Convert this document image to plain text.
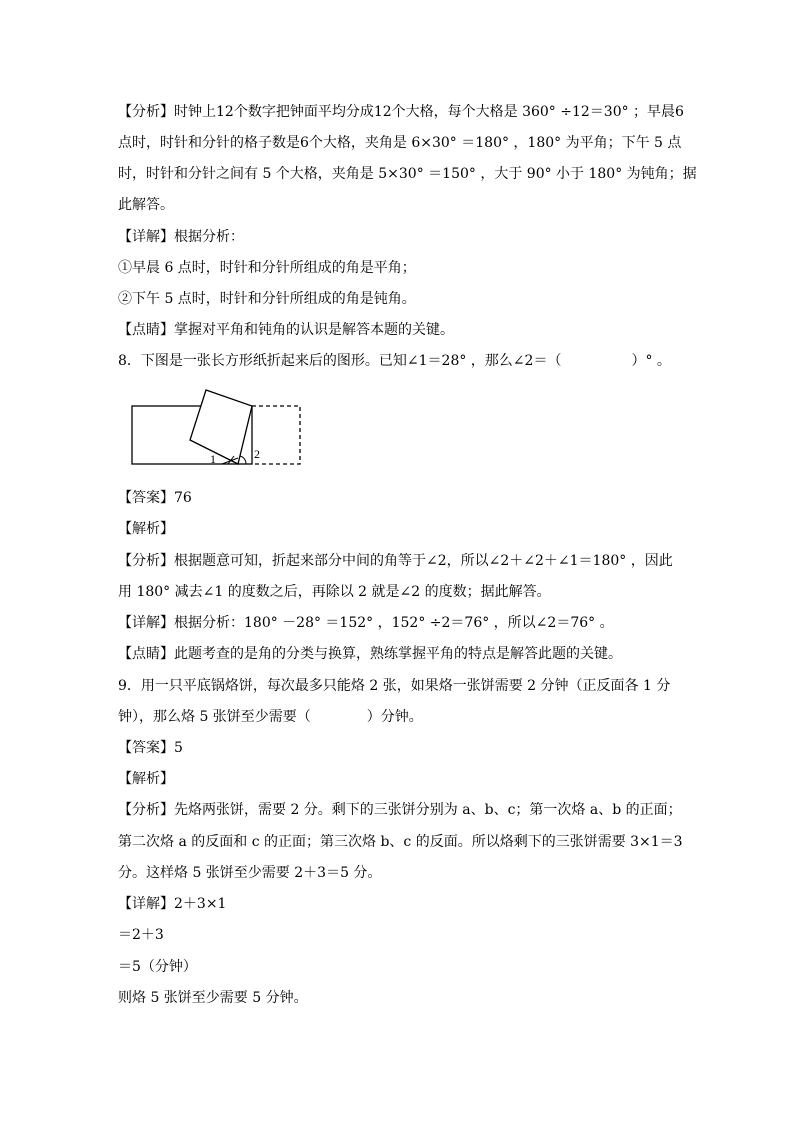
【分析】时钟上12个数字把钟面平均分成12个大格，每个大格是 360° ÷12＝30° ；早晨6
点时，时针和分针的格子数是6个大格，夹角是 6×30° ＝180° ，180° 为平角；下午 5 点
时，时针和分针之间有 5 个大格，夹角是 5×30° ＝150° ，大于 90° 小于 180° 为钝角；据
此解答。
【详解】根据分析：
①早晨 6 点时，时针和分针所组成的角是平角；
②下午 5 点时，时针和分针所组成的角是钝角。
【点睛】掌握对平角和钝角的认识是解答本题的关键。
8．下图是一张长方形纸折起来后的图形。已知∠1＝28° ，那么∠2＝（　　　　　）° 。
1	2
【答案】76
【解析】
【分析】根据题意可知，折起来部分中间的角等于∠2，所以∠2＋∠2＋∠1＝180° ，因此
用 180° 减去∠1 的度数之后，再除以 2 就是∠2 的度数；据此解答。
【详解】根据分析：180° －28° ＝152° ，152° ÷2＝76° ，所以∠2＝76° 。
【点睛】此题考查的是角的分类与换算，熟练掌握平角的特点是解答此题的关键。
9．用一只平底锅烙饼，每次最多只能烙 2 张，如果烙一张饼需要 2 分钟（正反面各 1 分
钟），那么烙 5 张饼至少需要（　　　　）分钟。
【答案】5
【解析】
【分析】先烙两张饼，需要 2 分。剩下的三张饼分别为 a、b、c；第一次烙 a、b 的正面；
第二次烙 a 的反面和 c 的正面；第三次烙 b、c 的反面。所以烙剩下的三张饼需要 3×1＝3
分。这样烙 5 张饼至少需要 2＋3＝5 分。
【详解】2＋3×1
＝2＋3
＝5（分钟）
则烙 5 张饼至少需要 5 分钟。
